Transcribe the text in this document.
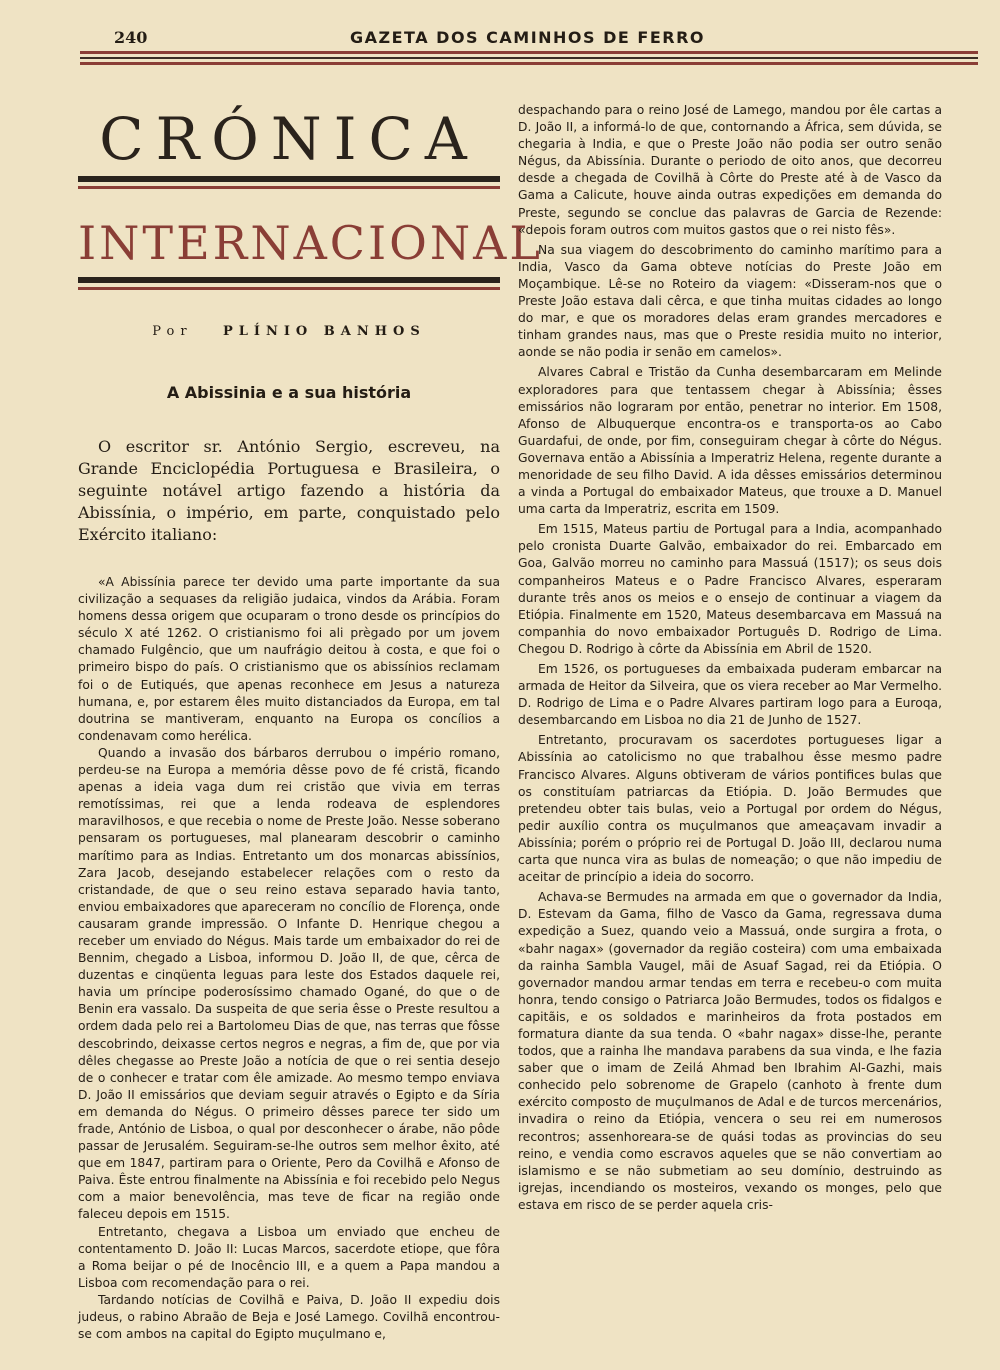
240	GAZETA DOS CAMINHOS DE FERRO
CRÓNICA
INTERNACIONAL
Por PLÍNIO BANHOS
A Abissinia e a sua história
O escritor sr. António Sergio, escreveu, na Grande Enciclopédia Portuguesa e Brasileira, o seguinte notável artigo fazendo a história da Abissínia, o império, em parte, conquistado pelo Exército italiano:

«A Abissínia parece ter devido uma parte importante da sua civilização a sequases da religião judaica, vindos da Arábia. Foram homens dessa origem que ocuparam o trono desde os princípios do século X até 1262. O cristianismo foi ali prègado por um jovem chamado Fulgêncio, que um naufrágio deitou à costa, e que foi o primeiro bispo do país. O cristianismo que os abissínios reclamam foi o de Eutiqués, que apenas reconhece em Jesus a natureza humana, e, por estarem êles muito distanciados da Europa, em tal doutrina se mantiveram, enquanto na Europa os concílios a condenavam como herélica.

Quando a invasão dos bárbaros derrubou o império romano, perdeu-se na Europa a memória dêsse povo de fé cristã, ficando apenas a ideia vaga dum rei cristão que vivia em terras remotíssimas, rei que a lenda rodeava de esplendores maravilhosos, e que recebia o nome de Preste João. Nesse soberano pensaram os portugueses, mal planearam descobrir o caminho marítimo para as Indias. Entretanto um dos monarcas abissínios, Zara Jacob, desejando estabelecer relações com o resto da cristandade, de que o seu reino estava separado havia tanto, enviou embaixadores que apareceram no concílio de Florença, onde causaram grande impressão. O Infante D. Henrique chegou a receber um enviado do Négus. Mais tarde um embaixador do rei de Bennim, chegado a Lisboa, informou D. João II, de que, cêrca de duzentas e cinqüenta leguas para leste dos Estados daquele rei, havia um príncipe poderosíssimo chamado Ogané, do que o de Benin era vassalo. Da suspeita de que seria êsse o Preste resultou a ordem dada pelo rei a Bartolomeu Dias de que, nas terras que fôsse descobrindo, deixasse certos negros e negras, a fim de, que por via dêles chegasse ao Preste João a notícia de que o rei sentia desejo de o conhecer e tratar com êle amizade. Ao mesmo tempo enviava D. João II emissários que deviam seguir através o Egipto e da Síria em demanda do Négus. O primeiro dêsses parece ter sido um frade, António de Lisboa, o qual por desconhecer o árabe, não pôde passar de Jerusalém. Seguiram-se-lhe outros sem melhor êxito, até que em 1847, partiram para o Oriente, Pero da Covilhã e Afonso de Paiva. Êste entrou finalmente na Abissínia e foi recebido pelo Negus com a maior benevolência, mas teve de ficar na região onde faleceu depois em 1515.

Entretanto, chegava a Lisboa um enviado que encheu de contentamento D. João II: Lucas Marcos, sacerdote etiope, que fôra a Roma beijar o pé de Inocêncio III, e a quem a Papa mandou a Lisboa com recomendação para o rei.

Tardando notícias de Covilhã e Paiva, D. João II expediu dois judeus, o rabino Abraão de Beja e José Lamego. Covilhã encontrou-se com ambos na capital do Egipto muçulmano e,

despachando para o reino José de Lamego, mandou por êle cartas a D. João II, a informá-lo de que, contornando a África, sem dúvida, se chegaria à India, e que o Preste João não podia ser outro senão Négus, da Abissínia. Durante o periodo de oito anos, que decorreu desde a chegada de Covilhã à Côrte do Preste até à de Vasco da Gama a Calicute, houve ainda outras expedições em demanda do Preste, segundo se conclue das palavras de Garcia de Rezende: «depois foram outros com muitos gastos que o rei nisto fês».

Na sua viagem do descobrimento do caminho marítimo para a India, Vasco da Gama obteve notícias do Preste João em Moçambique. Lê-se no Roteiro da viagem: «Disseram-nos que o Preste João estava dali cêrca, e que tinha muitas cidades ao longo do mar, e que os moradores delas eram grandes mercadores e tinham grandes naus, mas que o Preste residia muito no interior, aonde se não podia ir senão em camelos».

Alvares Cabral e Tristão da Cunha desembarcaram em Melinde exploradores para que tentassem chegar à Abissínia; êsses emissários não lograram por então, penetrar no interior. Em 1508, Afonso de Albuquerque encontra-os e transporta-os ao Cabo Guardafui, de onde, por fim, conseguiram chegar à côrte do Négus. Governava então a Abissínia a Imperatriz Helena, regente durante a menoridade de seu filho David. A ida dêsses emissários determinou a vinda a Portugal do embaixador Mateus, que trouxe a D. Manuel uma carta da Imperatriz, escrita em 1509.

Em 1515, Mateus partiu de Portugal para a India, acompanhado pelo cronista Duarte Galvão, embaixador do rei. Embarcado em Goa, Galvão morreu no caminho para Massuá (1517); os seus dois companheiros Mateus e o Padre Francisco Alvares, esperaram durante três anos os meios e o ensejo de continuar a viagem da Etiópia. Finalmente em 1520, Mateus desembarcava em Massuá na companhia do novo embaixador Português D. Rodrigo de Lima. Chegou D. Rodrigo à côrte da Abissínia em Abril de 1520.

Em 1526, os portugueses da embaixada puderam embarcar na armada de Heitor da Silveira, que os viera receber ao Mar Vermelho. D. Rodrigo de Lima e o Padre Alvares partiram logo para a Euroqa, desembarcando em Lisboa no dia 21 de Junho de 1527.

Entretanto, procuravam os sacerdotes portugueses ligar a Abissínia ao catolicismo no que trabalhou êsse mesmo padre Francisco Alvares. Alguns obtiveram de vários pontifices bulas que os constituíam patriarcas da Etiópia. D. João Bermudes que pretendeu obter tais bulas, veio a Portugal por ordem do Négus, pedir auxílio contra os muçulmanos que ameaçavam invadir a Abissínia; porém o próprio rei de Portugal D. João III, declarou numa carta que nunca vira as bulas de nomeação; o que não impediu de aceitar de princípio a ideia do socorro.

Achava-se Bermudes na armada em que o governador da India, D. Estevam da Gama, filho de Vasco da Gama, regressava duma expedição a Suez, quando veio a Massuá, onde surgira a frota, o «bahr nagax» (governador da região costeira) com uma embaixada da rainha Sambla Vaugel, mãi de Asuaf Sagad, rei da Etiópia. O governador mandou armar tendas em terra e recebeu-o com muita honra, tendo consigo o Patriarca João Bermudes, todos os fidalgos e capitãis, e os soldados e marinheiros da frota postados em formatura diante da sua tenda. O «bahr nagax» disse-lhe, perante todos, que a rainha lhe mandava parabens da sua vinda, e lhe fazia saber que o imam de Zeilá Ahmad ben Ibrahim Al-Gazhi, mais conhecido pelo sobrenome de Grapelo (canhoto à frente dum exército composto de muçulmanos de Adal e de turcos mercenários, invadira o reino da Etiópia, vencera o seu rei em numerosos recontros; assenhoreara-se de quási todas as provincias do seu reino, e vendia como escravos aqueles que se não convertiam ao islamismo e se não submetiam ao seu domínio, destruindo as igrejas, incendiando os mosteiros, vexando os monges, pelo que estava em risco de se perder aquela cris-
